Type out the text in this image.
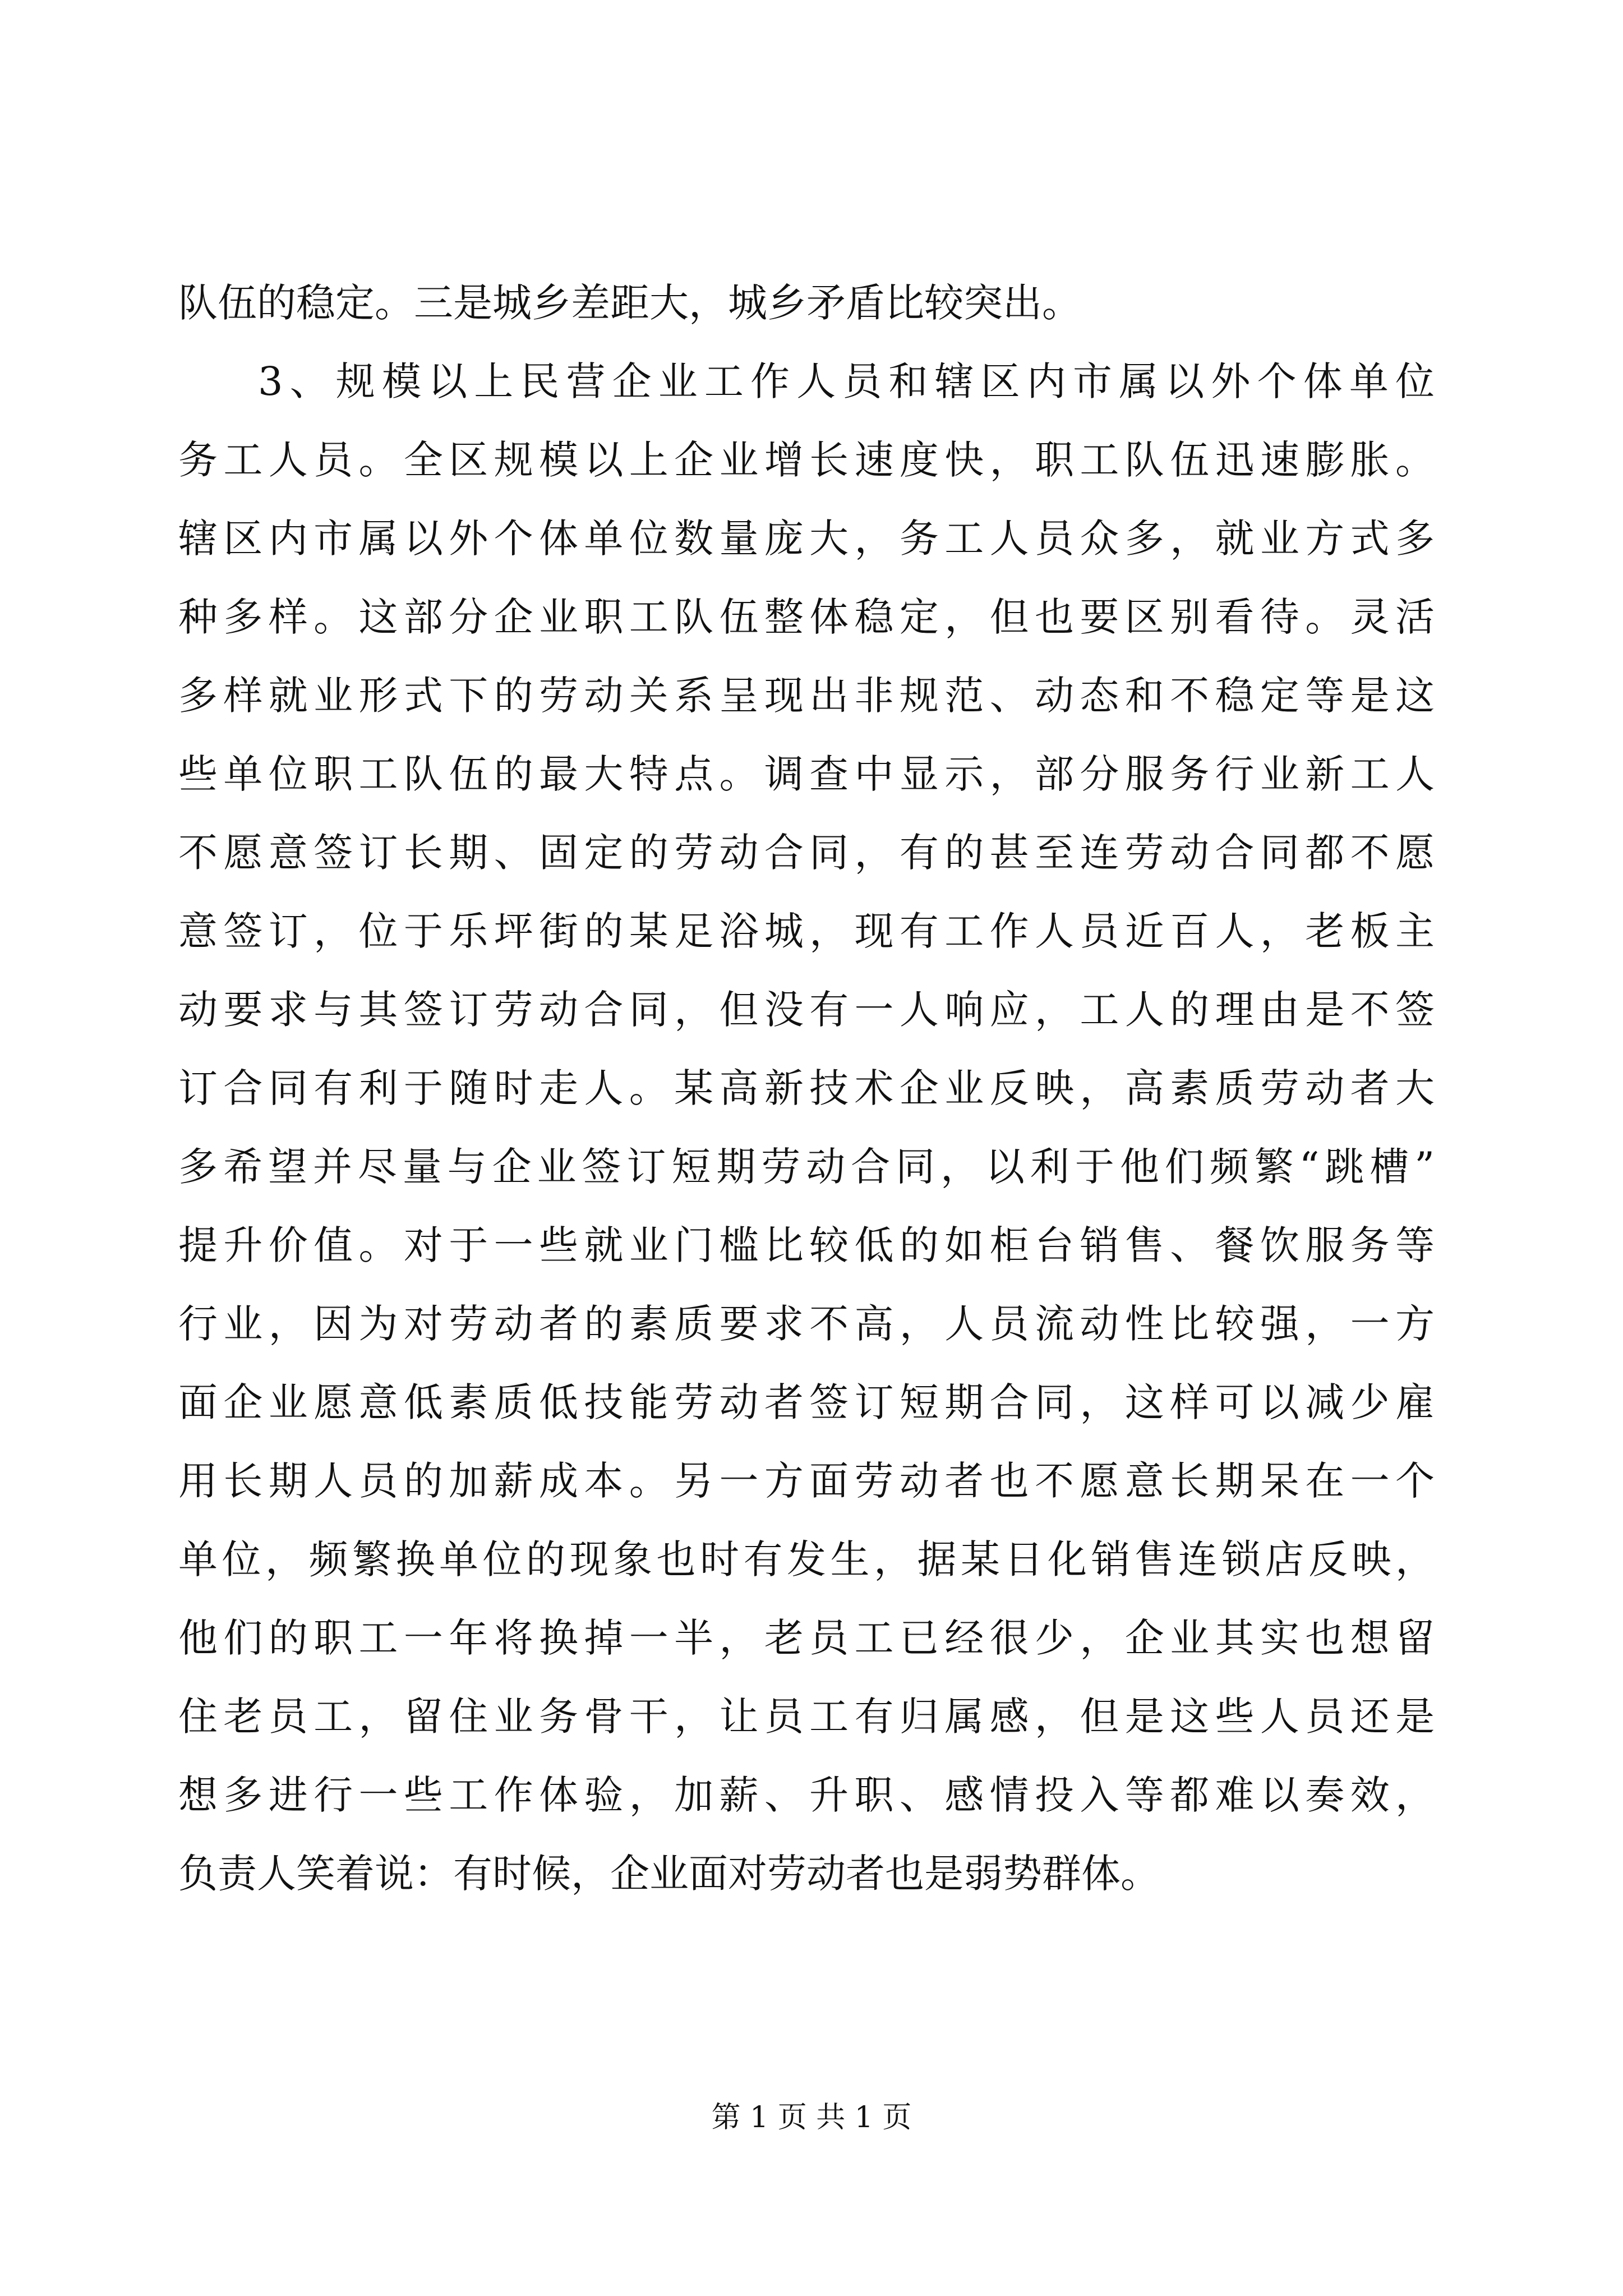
队伍的稳定。三是城乡差距大，城乡矛盾比较突出。
3、规模以上民营企业工作人员和辖区内市属以外个体单位
务工人员。全区规模以上企业增长速度快，职工队伍迅速膨胀。
辖区内市属以外个体单位数量庞大，务工人员众多，就业方式多
种多样。这部分企业职工队伍整体稳定，但也要区别看待。灵活
多样就业形式下的劳动关系呈现出非规范、动态和不稳定等是这
些单位职工队伍的最大特点。调查中显示，部分服务行业新工人
不愿意签订长期、固定的劳动合同，有的甚至连劳动合同都不愿
意签订，位于乐坪街的某足浴城，现有工作人员近百人，老板主
动要求与其签订劳动合同，但没有一人响应，工人的理由是不签
订合同有利于随时走人。某高新技术企业反映，高素质劳动者大
多希望并尽量与企业签订短期劳动合同，以利于他们频繁“跳槽”
提升价值。对于一些就业门槛比较低的如柜台销售、餐饮服务等
行业，因为对劳动者的素质要求不高，人员流动性比较强，一方
面企业愿意低素质低技能劳动者签订短期合同，这样可以减少雇
用长期人员的加薪成本。另一方面劳动者也不愿意长期呆在一个
单位，频繁换单位的现象也时有发生，据某日化销售连锁店反映，
他们的职工一年将换掉一半，老员工已经很少，企业其实也想留
住老员工，留住业务骨干，让员工有归属感，但是这些人员还是
想多进行一些工作体验，加薪、升职、感情投入等都难以奏效，
负责人笑着说：有时候，企业面对劳动者也是弱势群体。
第 1 页 共 1 页
